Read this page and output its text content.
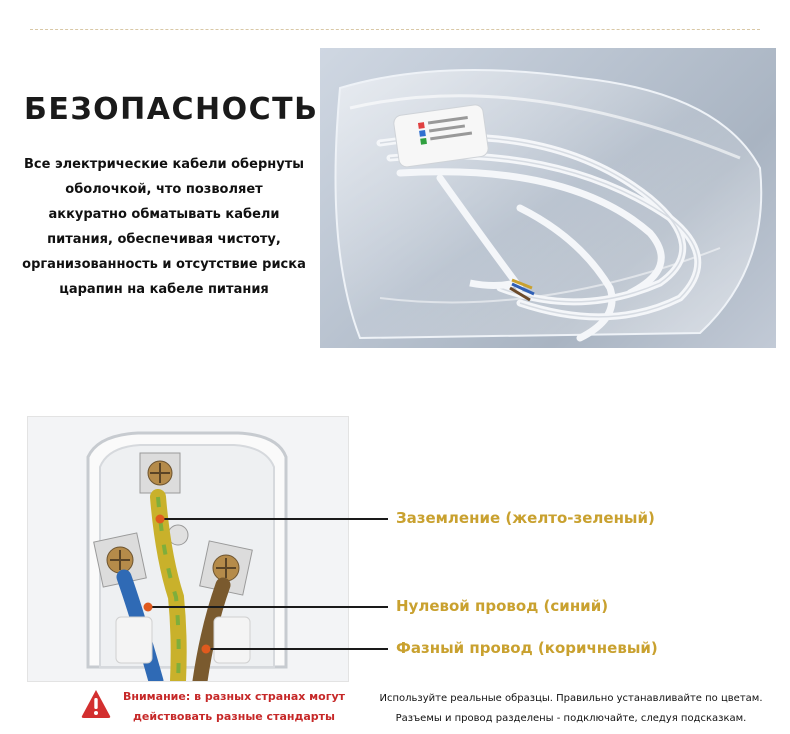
БЕЗОПАСНОСТЬ
Все электрические кабели обернуты
оболочкой, что позволяет
аккуратно обматывать кабели
питания, обеспечивая чистоту,
организованность и отсутствие риска
царапин на кабеле питания
Заземление (желто-зеленый)
Нулевой провод (синий)
Фазный провод (коричневый)
Внимание: в разных странах могут
действовать разные стандарты
Используйте реальные образцы. Правильно устанавливайте по цветам.
Разъемы и провод разделены - подключайте, следуя подсказкам.
